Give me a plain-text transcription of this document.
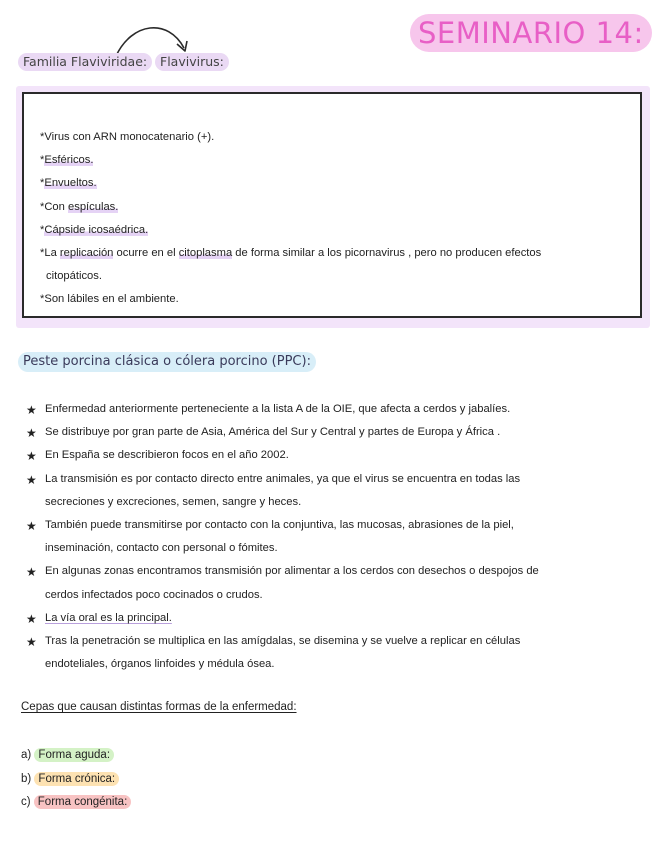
SEMINARIO 14:
Familia Flaviviridae:	Flavivirus:
*Virus con ARN monocatenario (+).
*Esféricos.
*Envueltos.
*Con espículas.
*Cápside icosaédrica.
*La replicación ocurre en el citoplasma de forma similar a los picornavirus , pero no producen efectos
citopáticos.
*Son lábiles en el ambiente.
Peste porcina clásica o cólera porcino (PPC):
★ Enfermedad anteriormente perteneciente a la lista A de la OIE, que afecta a cerdos y jabalíes.
★ Se distribuye por gran parte de Asia, América del Sur y Central y partes de Europa y África .
★ En España se describieron focos en el año 2002.
★ La transmisión es por contacto directo entre animales, ya que el virus se encuentra en todas las
secreciones y excreciones, semen, sangre y heces.
★ También puede transmitirse por contacto con la conjuntiva, las mucosas, abrasiones de la piel,
inseminación, contacto con personal o fómites.
★ En algunas zonas encontramos transmisión por alimentar a los cerdos con desechos o despojos de
cerdos infectados poco cocinados o crudos.
★ La vía oral es la principal.
★ Tras la penetración se multiplica en las amígdalas, se disemina y se vuelve a replicar en células
endoteliales, órganos linfoides y médula ósea.
Cepas que causan distintas formas de la enfermedad:
a) Forma aguda:
b) Forma crónica:
c) Forma congénita:
